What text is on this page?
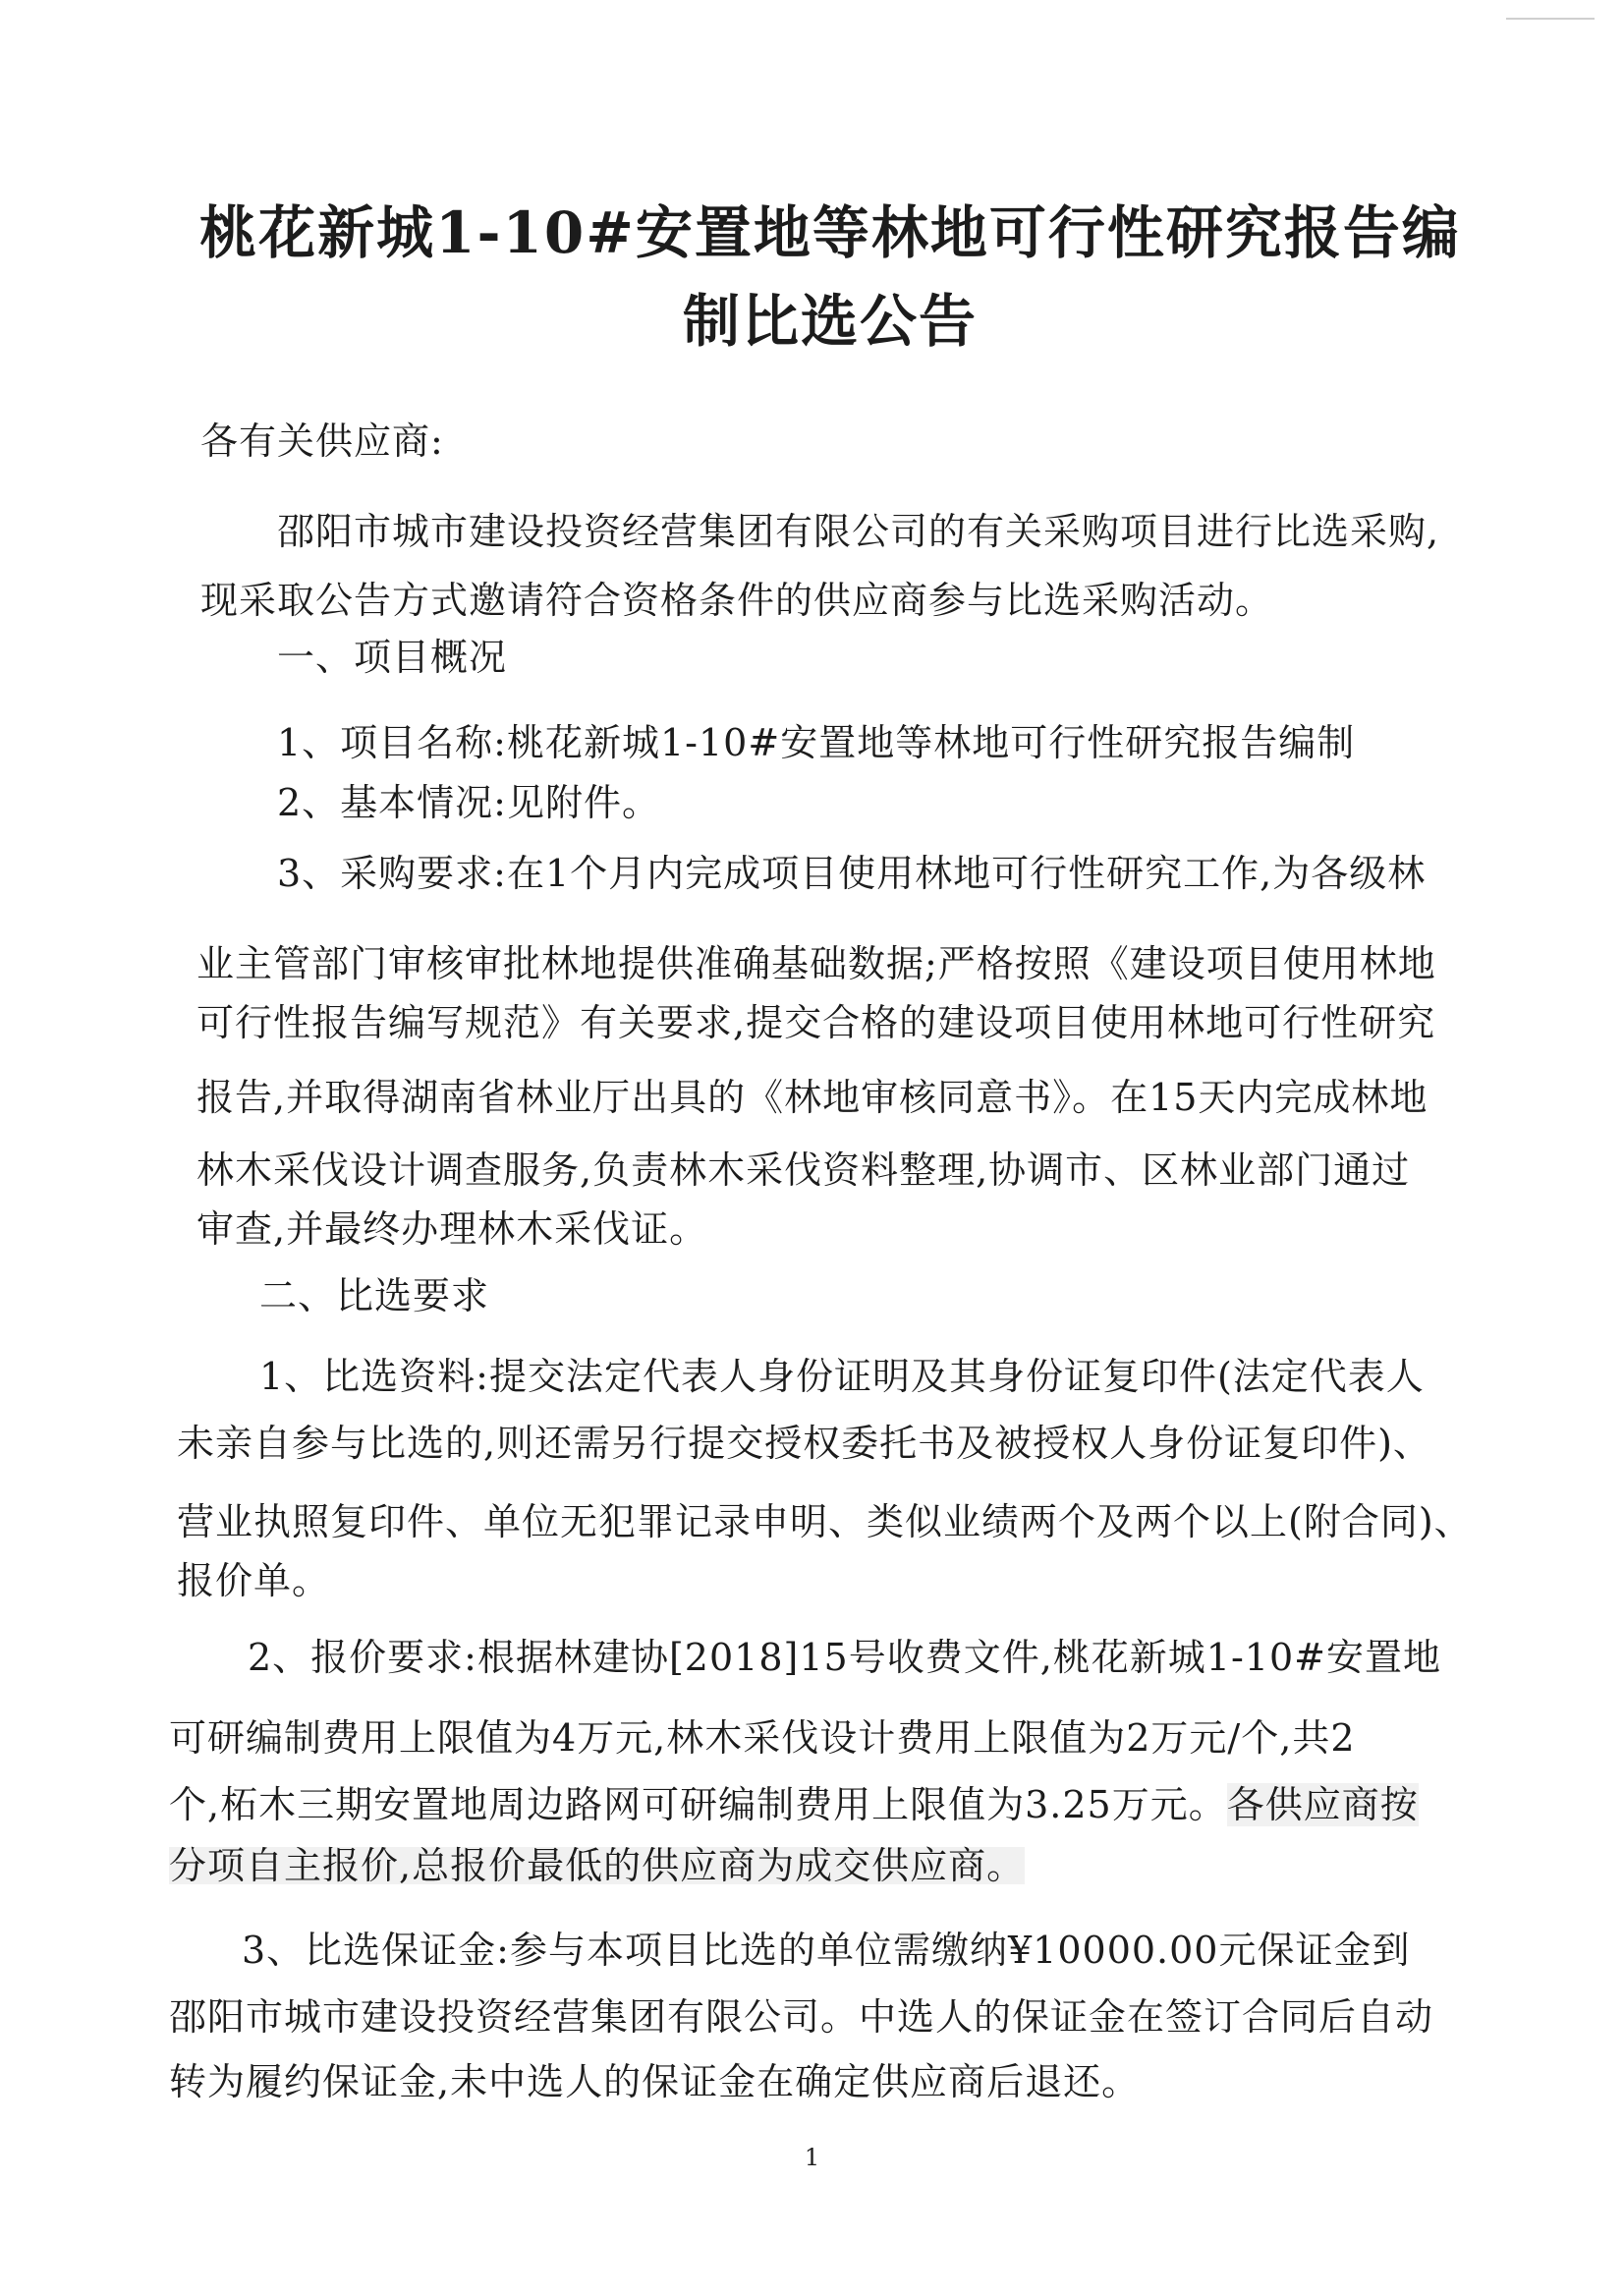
桃花新城1-10#安置地等林地可行性研究报告编
制比选公告
各有关供应商:
邵阳市城市建设投资经营集团有限公司的有关采购项目进行比选采购,
现采取公告方式邀请符合资格条件的供应商参与比选采购活动。
一、项目概况
1、项目名称:桃花新城1-10#安置地等林地可行性研究报告编制
2、基本情况:见附件。
3、采购要求:在1个月内完成项目使用林地可行性研究工作,为各级林
业主管部门审核审批林地提供准确基础数据;严格按照《建设项目使用林地
可行性报告编写规范》有关要求,提交合格的建设项目使用林地可行性研究
报告,并取得湖南省林业厅出具的《林地审核同意书》。在15天内完成林地
林木采伐设计调查服务,负责林木采伐资料整理,协调市、区林业部门通过
审查,并最终办理林木采伐证。
二、比选要求
1、比选资料:提交法定代表人身份证明及其身份证复印件(法定代表人
未亲自参与比选的,则还需另行提交授权委托书及被授权人身份证复印件)、
营业执照复印件、单位无犯罪记录申明、类似业绩两个及两个以上(附合同)、
报价单。
2、报价要求:根据林建协[2018]15号收费文件,桃花新城1-10#安置地
可研编制费用上限值为4万元,林木采伐设计费用上限值为2万元/个,共2
个,柘木三期安置地周边路网可研编制费用上限值为3.25万元。各供应商按
分项自主报价,总报价最低的供应商为成交供应商。
3、比选保证金:参与本项目比选的单位需缴纳¥10000.00元保证金到
邵阳市城市建设投资经营集团有限公司。中选人的保证金在签订合同后自动
转为履约保证金,未中选人的保证金在确定供应商后退还。
1
